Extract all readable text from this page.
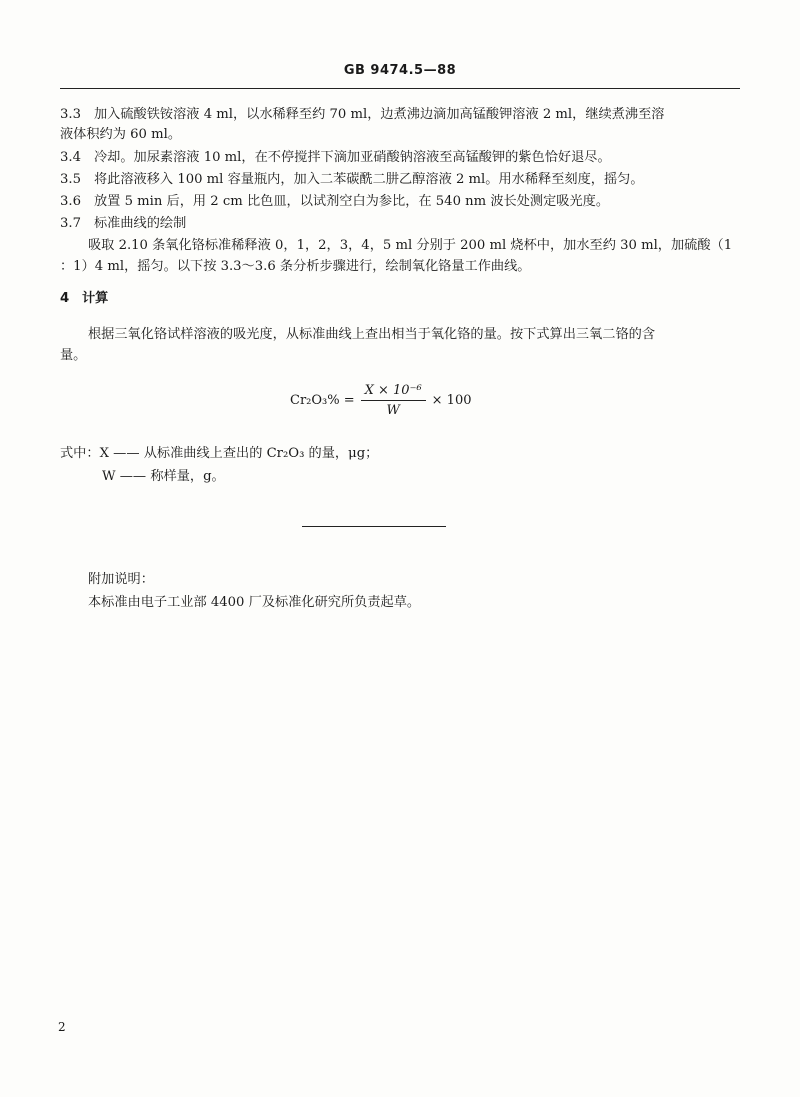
GB 9474.5—88
3.3 加入硫酸铁铵溶液 4 ml，以水稀释至约 70 ml，边煮沸边滴加高锰酸钾溶液 2 ml，继续煮沸至溶
液体积约为 60 ml。
3.4 冷却。加尿素溶液 10 ml，在不停搅拌下滴加亚硝酸钠溶液至高锰酸钾的紫色恰好退尽。
3.5 将此溶液移入 100 ml 容量瓶内，加入二苯碳酰二肼乙醇溶液 2 ml。用水稀释至刻度，摇匀。
3.6 放置 5 min 后，用 2 cm 比色皿，以试剂空白为参比，在 540 nm 波长处测定吸光度。
3.7 标准曲线的绘制
吸取 2.10 条氧化铬标准稀释液 0，1，2，3，4，5 ml 分别于 200 ml 烧杯中，加水至约 30 ml，加硫酸（1
：1）4 ml，摇匀。以下按 3.3～3.6 条分析步骤进行，绘制氧化铬量工作曲线。
4 计算
根据三氧化铬试样溶液的吸光度，从标准曲线上查出相当于氧化铬的量。按下式算出三氧二铬的含
量。
$Cr_2O_3\% = \frac{\text{X × 10⁻⁶}}{W} \times 100$
式中：X —— 从标准曲线上查出的 Cr₂O₃ 的量，μg；
W —— 称样量，g。
附加说明：
本标准由电子工业部 4400 厂及标准化研究所负责起草。
2
